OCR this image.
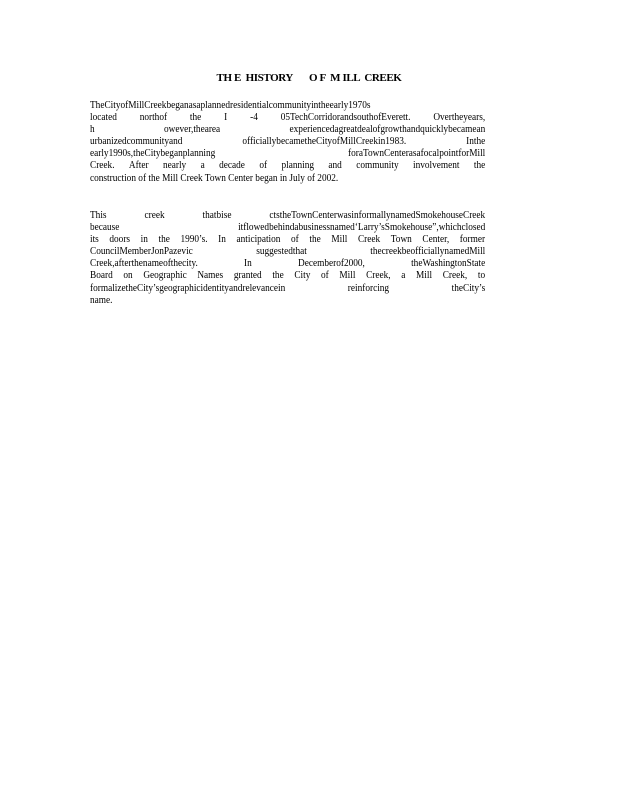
TH E  HISTORY       O F  M ILL  CREEK
TheCityofMillCreekbeganasaplannedresidentialcommunityintheearly1970s
located northof the I -4 05TechCorridorandsouthofEverett. Overtheyears,
h	owever,thearea	experiencedagreatdealofgrowthandquicklybecamean
urbanizedcommunityand	officiallybecametheCityofMillCreekin1983.	Inthe
early1990s,theCitybeganplanning	foraTownCenterasafocalpointforMill
Creek. After nearly a decade of planning and community involvement the
construction of the Mill Creek Town Center began in July of 2002.
This	creek	thatbise	ctstheTownCenterwasinformallynamedSmokehouseCreek
because	itflowedbehindabusinessnamed‘Larry’sSmokehouse”,whichclosed
its doors in the 1990’s. In anticipation of the Mill Creek Town Center, former
CouncilMemberJonPazevic	suggestedthat	thecreekbeofficiallynamedMill
Creek,afterthenameofthecity.	In	Decemberof2000,	theWashingtonState
Board on Geographic Names granted the City of Mill Creek, a Mill Creek, to
formalizetheCity’sgeographicidentityandrelevancein	reinforcing	theCity’s
name.
